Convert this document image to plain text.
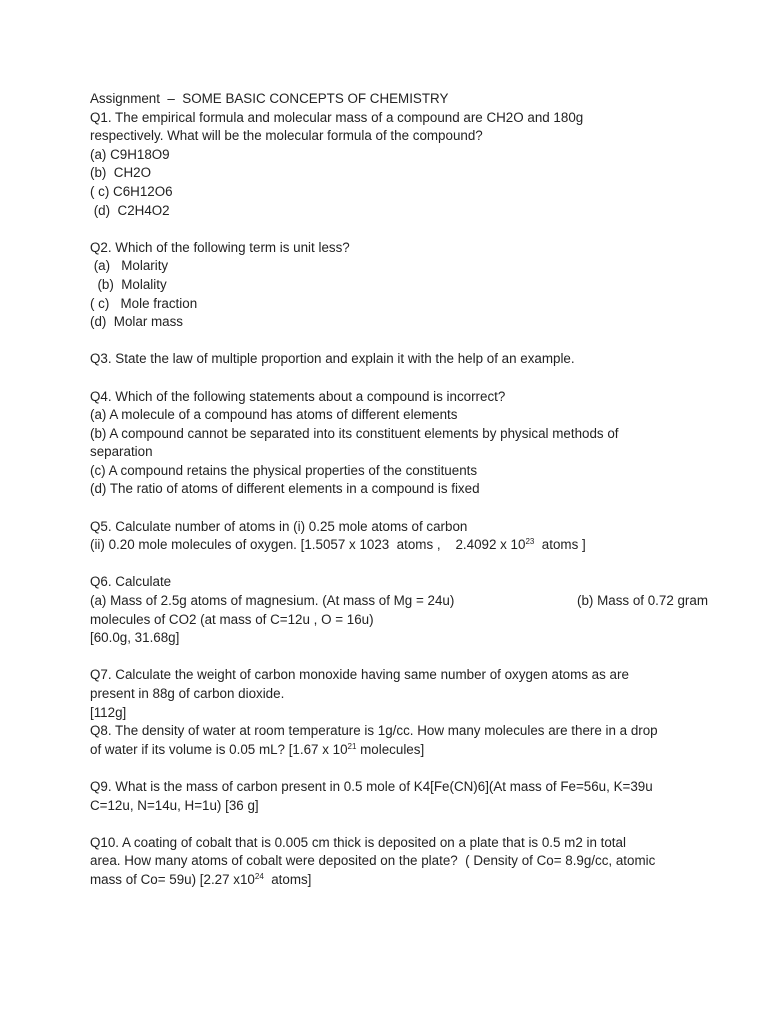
Assignment  –  SOME BASIC CONCEPTS OF CHEMISTRY
Q1. The empirical formula and molecular mass of a compound are CH2O and 180g
respectively. What will be the molecular formula of the compound?
(a) C9H18O9
(b)  CH2O
( c) C6H12O6
(d)  C2H4O2
Q2. Which of the following term is unit less?
(a)   Molarity
(b)  Molality
( c)   Mole fraction
(d)  Molar mass
Q3. State the law of multiple proportion and explain it with the help of an example.
Q4. Which of the following statements about a compound is incorrect?
(a) A molecule of a compound has atoms of different elements
(b) A compound cannot be separated into its constituent elements by physical methods of
separation
(c) A compound retains the physical properties of the constituents
(d) The ratio of atoms of different elements in a compound is fixed
Q5. Calculate number of atoms in (i) 0.25 mole atoms of carbon
(ii) 0.20 mole molecules of oxygen. [1.5057 x 1023  atoms ,    2.4092 x $10^{23}$  atoms ]
Q6. Calculate
(a) Mass of 2.5g atoms of magnesium. (At mass of Mg = 24u)	(b) Mass of 0.72 gram
molecules of CO2 (at mass of C=12u , O = 16u)
[60.0g, 31.68g]
Q7. Calculate the weight of carbon monoxide having same number of oxygen atoms as are
present in 88g of carbon dioxide.
[112g]
Q8. The density of water at room temperature is 1g/cc. How many molecules are there in a drop
of water if its volume is 0.05 mL? [1.67 x $10^{21}$ molecules]
Q9. What is the mass of carbon present in 0.5 mole of K4[Fe(CN)6](At mass of Fe=56u, K=39u
C=12u, N=14u, H=1u) [36 g]
Q10. A coating of cobalt that is 0.005 cm thick is deposited on a plate that is 0.5 m2 in total
area. How many atoms of cobalt were deposited on the plate?  ( Density of Co= 8.9g/cc, atomic
mass of Co= 59u) [2.27 $x10^{24}$  atoms]
